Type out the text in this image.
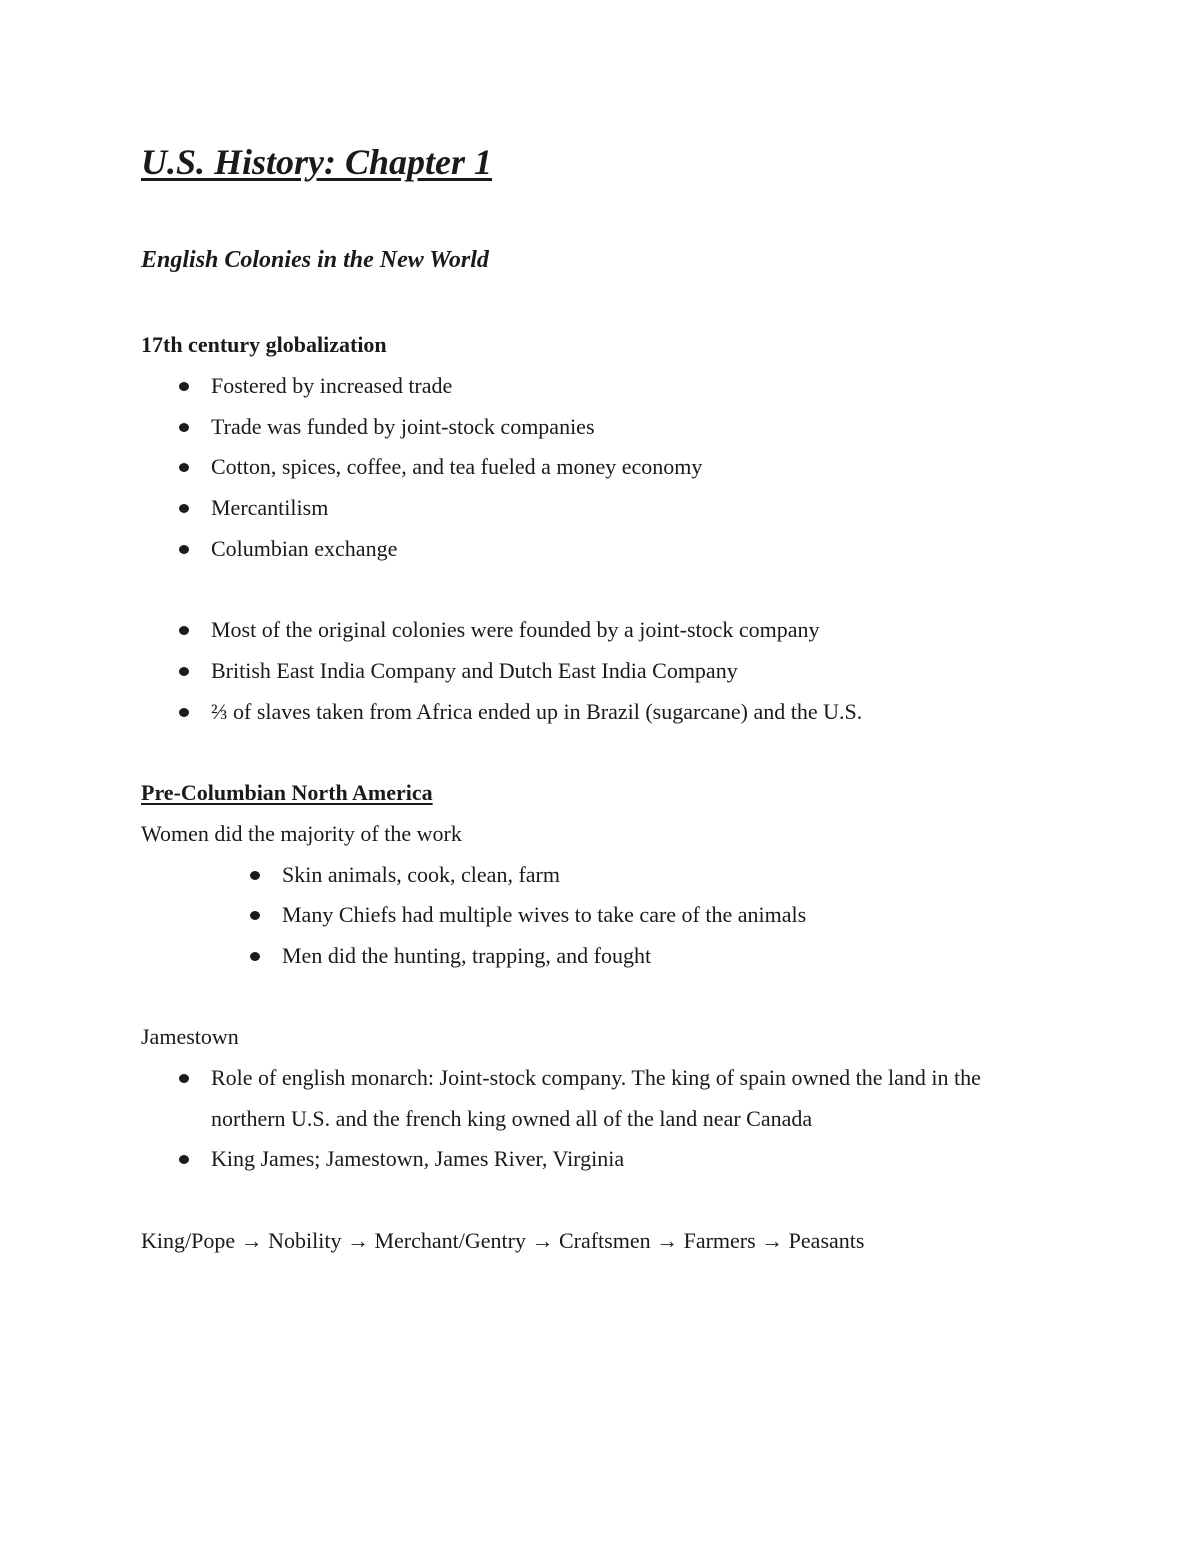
U.S. History: Chapter 1
English Colonies in the New World

17th century globalization

Fostered by increased trade
Trade was funded by joint-stock companies
Cotton, spices, coffee, and tea fueled a money economy
Mercantilism
Columbian exchange
Most of the original colonies were founded by a joint-stock company
British East India Company and Dutch East India Company
⅔ of slaves taken from Africa ended up in Brazil (sugarcane) and the U.S.

Pre-Columbian North America

Women did the majority of the work

Skin animals, cook, clean, farm
Many Chiefs had multiple wives to take care of the animals
Men did the hunting, trapping, and fought

Jamestown

Role of english monarch: Joint-stock company. The king of spain owned the land in the northern U.S. and the french king owned all of the land near Canada
King James; Jamestown, James River, Virginia

King/Pope → Nobility → Merchant/Gentry → Craftsmen → Farmers → Peasants
